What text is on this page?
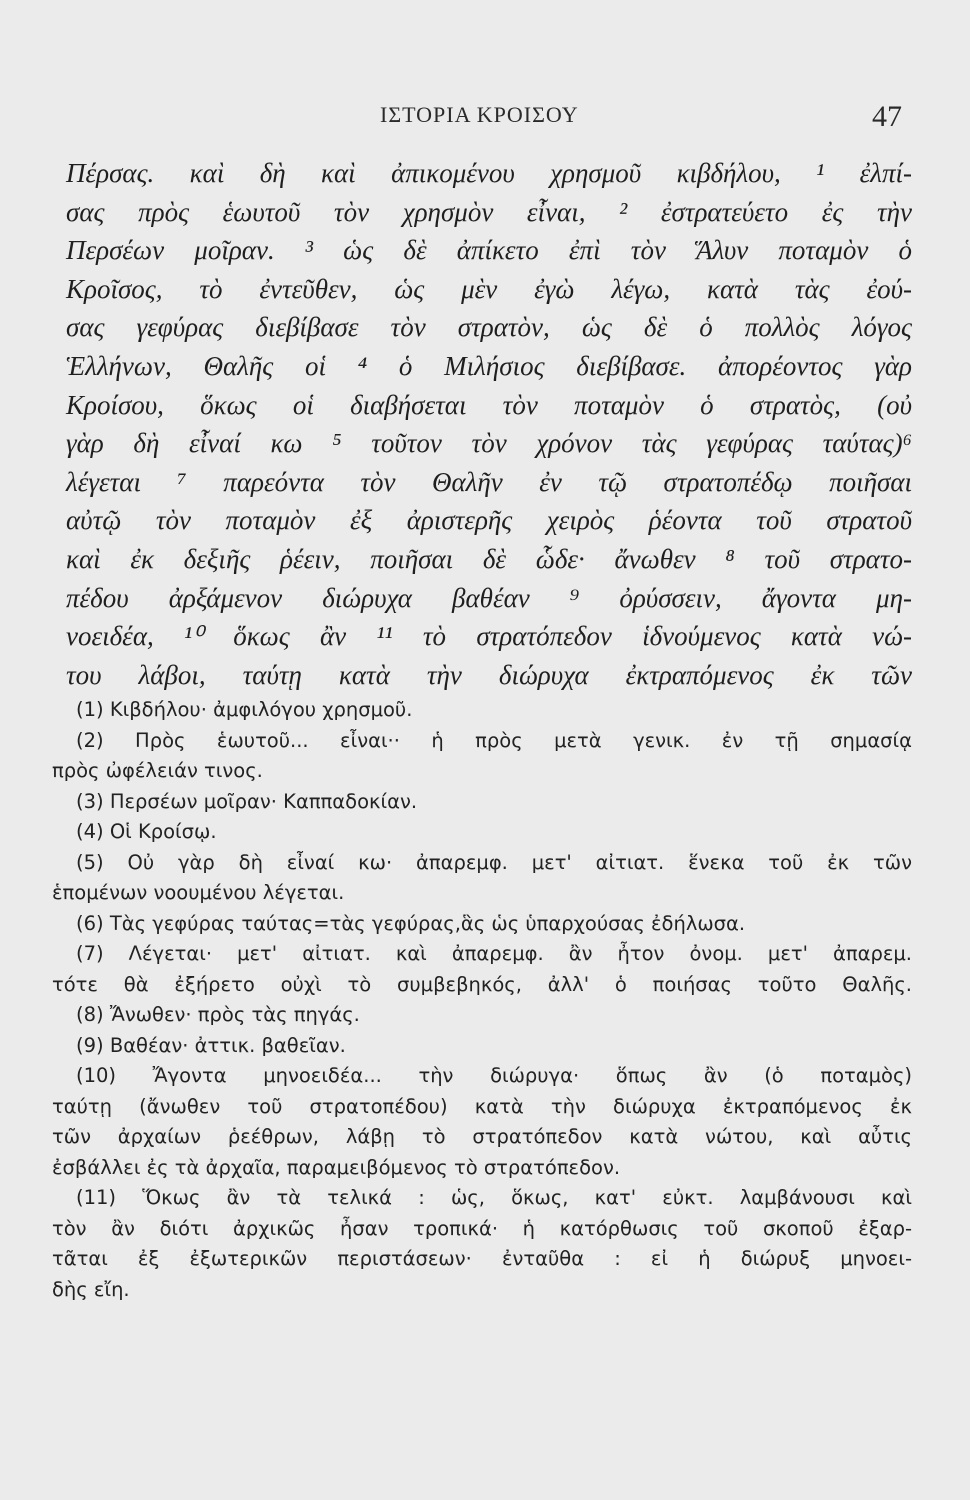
ΙΣΤΟΡΙΑ ΚΡΟΙΣΟΥ	47
Πέρσας. καὶ δὴ καὶ ἀπικομένου χρησμοῦ κιβδήλου, ¹ ἐλπί-
σας πρὸς ἑωυτοῦ τὸν χρησμὸν εἶναι, ² ἐστρατεύετο ἐς τὴν
Περσέων μοῖραν. ³ ὡς δὲ ἀπίκετο ἐπὶ τὸν Ἅλυν ποταμὸν ὁ
Κροῖσος, τὸ ἐντεῦθεν, ὡς μὲν ἐγὼ λέγω, κατὰ τὰς ἐού-
σας γεφύρας διεβίβασε τὸν στρατὸν, ὡς δὲ ὁ πολλὸς λόγος
Ἑλλήνων, Θαλῆς οἱ ⁴ ὁ Μιλήσιος διεβίβασε. ἀπορέοντος γὰρ
Κροίσου, ὅκως οἱ διαβήσεται τὸν ποταμὸν ὁ στρατὸς, (οὐ
γὰρ δὴ εἶναί κω ⁵ τοῦτον τὸν χρόνον τὰς γεφύρας ταύτας)⁶
λέγεται ⁷ παρεόντα τὸν Θαλῆν ἐν τῷ στρατοπέδῳ ποιῆσαι
αὐτῷ τὸν ποταμὸν ἐξ ἀριστερῆς χειρὸς ῥέοντα τοῦ στρατοῦ
καὶ ἐκ δεξιῆς ῥέειν, ποιῆσαι δὲ ὧδε· ἄνωθεν ⁸ τοῦ στρατο-
πέδου ἀρξάμενον διώρυχα βαθέαν ⁹ ὀρύσσειν, ἄγοντα μη-
νοειδέα, ¹⁰ ὅκως ἂν ¹¹ τὸ στρατόπεδον ἱδνούμενος κατὰ νώ-
του λάβοι, ταύτῃ κατὰ τὴν διώρυχα ἐκτραπόμενος ἐκ τῶν
(1) Κιβδήλου· ἀμφιλόγου χρησμοῦ.
(2) Πρὸς ἑωυτοῦ... εἶναι·· ἡ πρὸς μετὰ γενικ. ἐν τῇ σημασίᾳ
πρὸς ὠφέλειάν τινος.
(3) Περσέων μοῖραν· Καππαδοκίαν.
(4) Οἱ Κροίσῳ.
(5) Οὐ γὰρ δὴ εἶναί κω· ἀπαρεμφ. μετ' αἰτιατ. ἕνεκα τοῦ ἐκ τῶν
ἑπομένων νοουμένου λέγεται.
(6) Τὰς γεφύρας ταύτας=τὰς γεφύρας,ἃς ὡς ὑπαρχούσας ἐδήλωσα.
(7) Λέγεται· μετ' αἰτιατ. καὶ ἀπαρεμφ. ἂν ἦτον ὀνομ. μετ' ἀπαρεμ.
τότε θὰ ἐξήρετο οὐχὶ τὸ συμβεβηκός, ἀλλ' ὁ ποιήσας τοῦτο Θαλῆς.
(8) Ἄνωθεν· πρὸς τὰς πηγάς.
(9) Βαθέαν· ἀττικ. βαθεῖαν.
(10) Ἄγοντα μηνοειδέα... τὴν διώρυγα· ὅπως ἂν (ὁ ποταμὸς)
ταύτῃ (ἄνωθεν τοῦ στρατοπέδου) κατὰ τὴν διώρυχα ἐκτραπόμενος ἐκ
τῶν ἀρχαίων ῥεέθρων, λάβῃ τὸ στρατόπεδον κατὰ νώτου, καὶ αὖτις
ἐσβάλλει ἐς τὰ ἀρχαῖα, παραμειβόμενος τὸ στρατόπεδον.
(11) Ὅκως ἂν τὰ τελικά : ὡς, ὅκως, κατ' εὐκτ. λαμβάνουσι καὶ
τὸν ἂν διότι ἀρχικῶς ἦσαν τροπικά· ἡ κατόρθωσις τοῦ σκοποῦ ἐξαρ-
τᾶται ἐξ ἐξωτερικῶν περιστάσεων· ἐνταῦθα : εἰ ἡ διώρυξ μηνοει-
δὴς εἴη.
